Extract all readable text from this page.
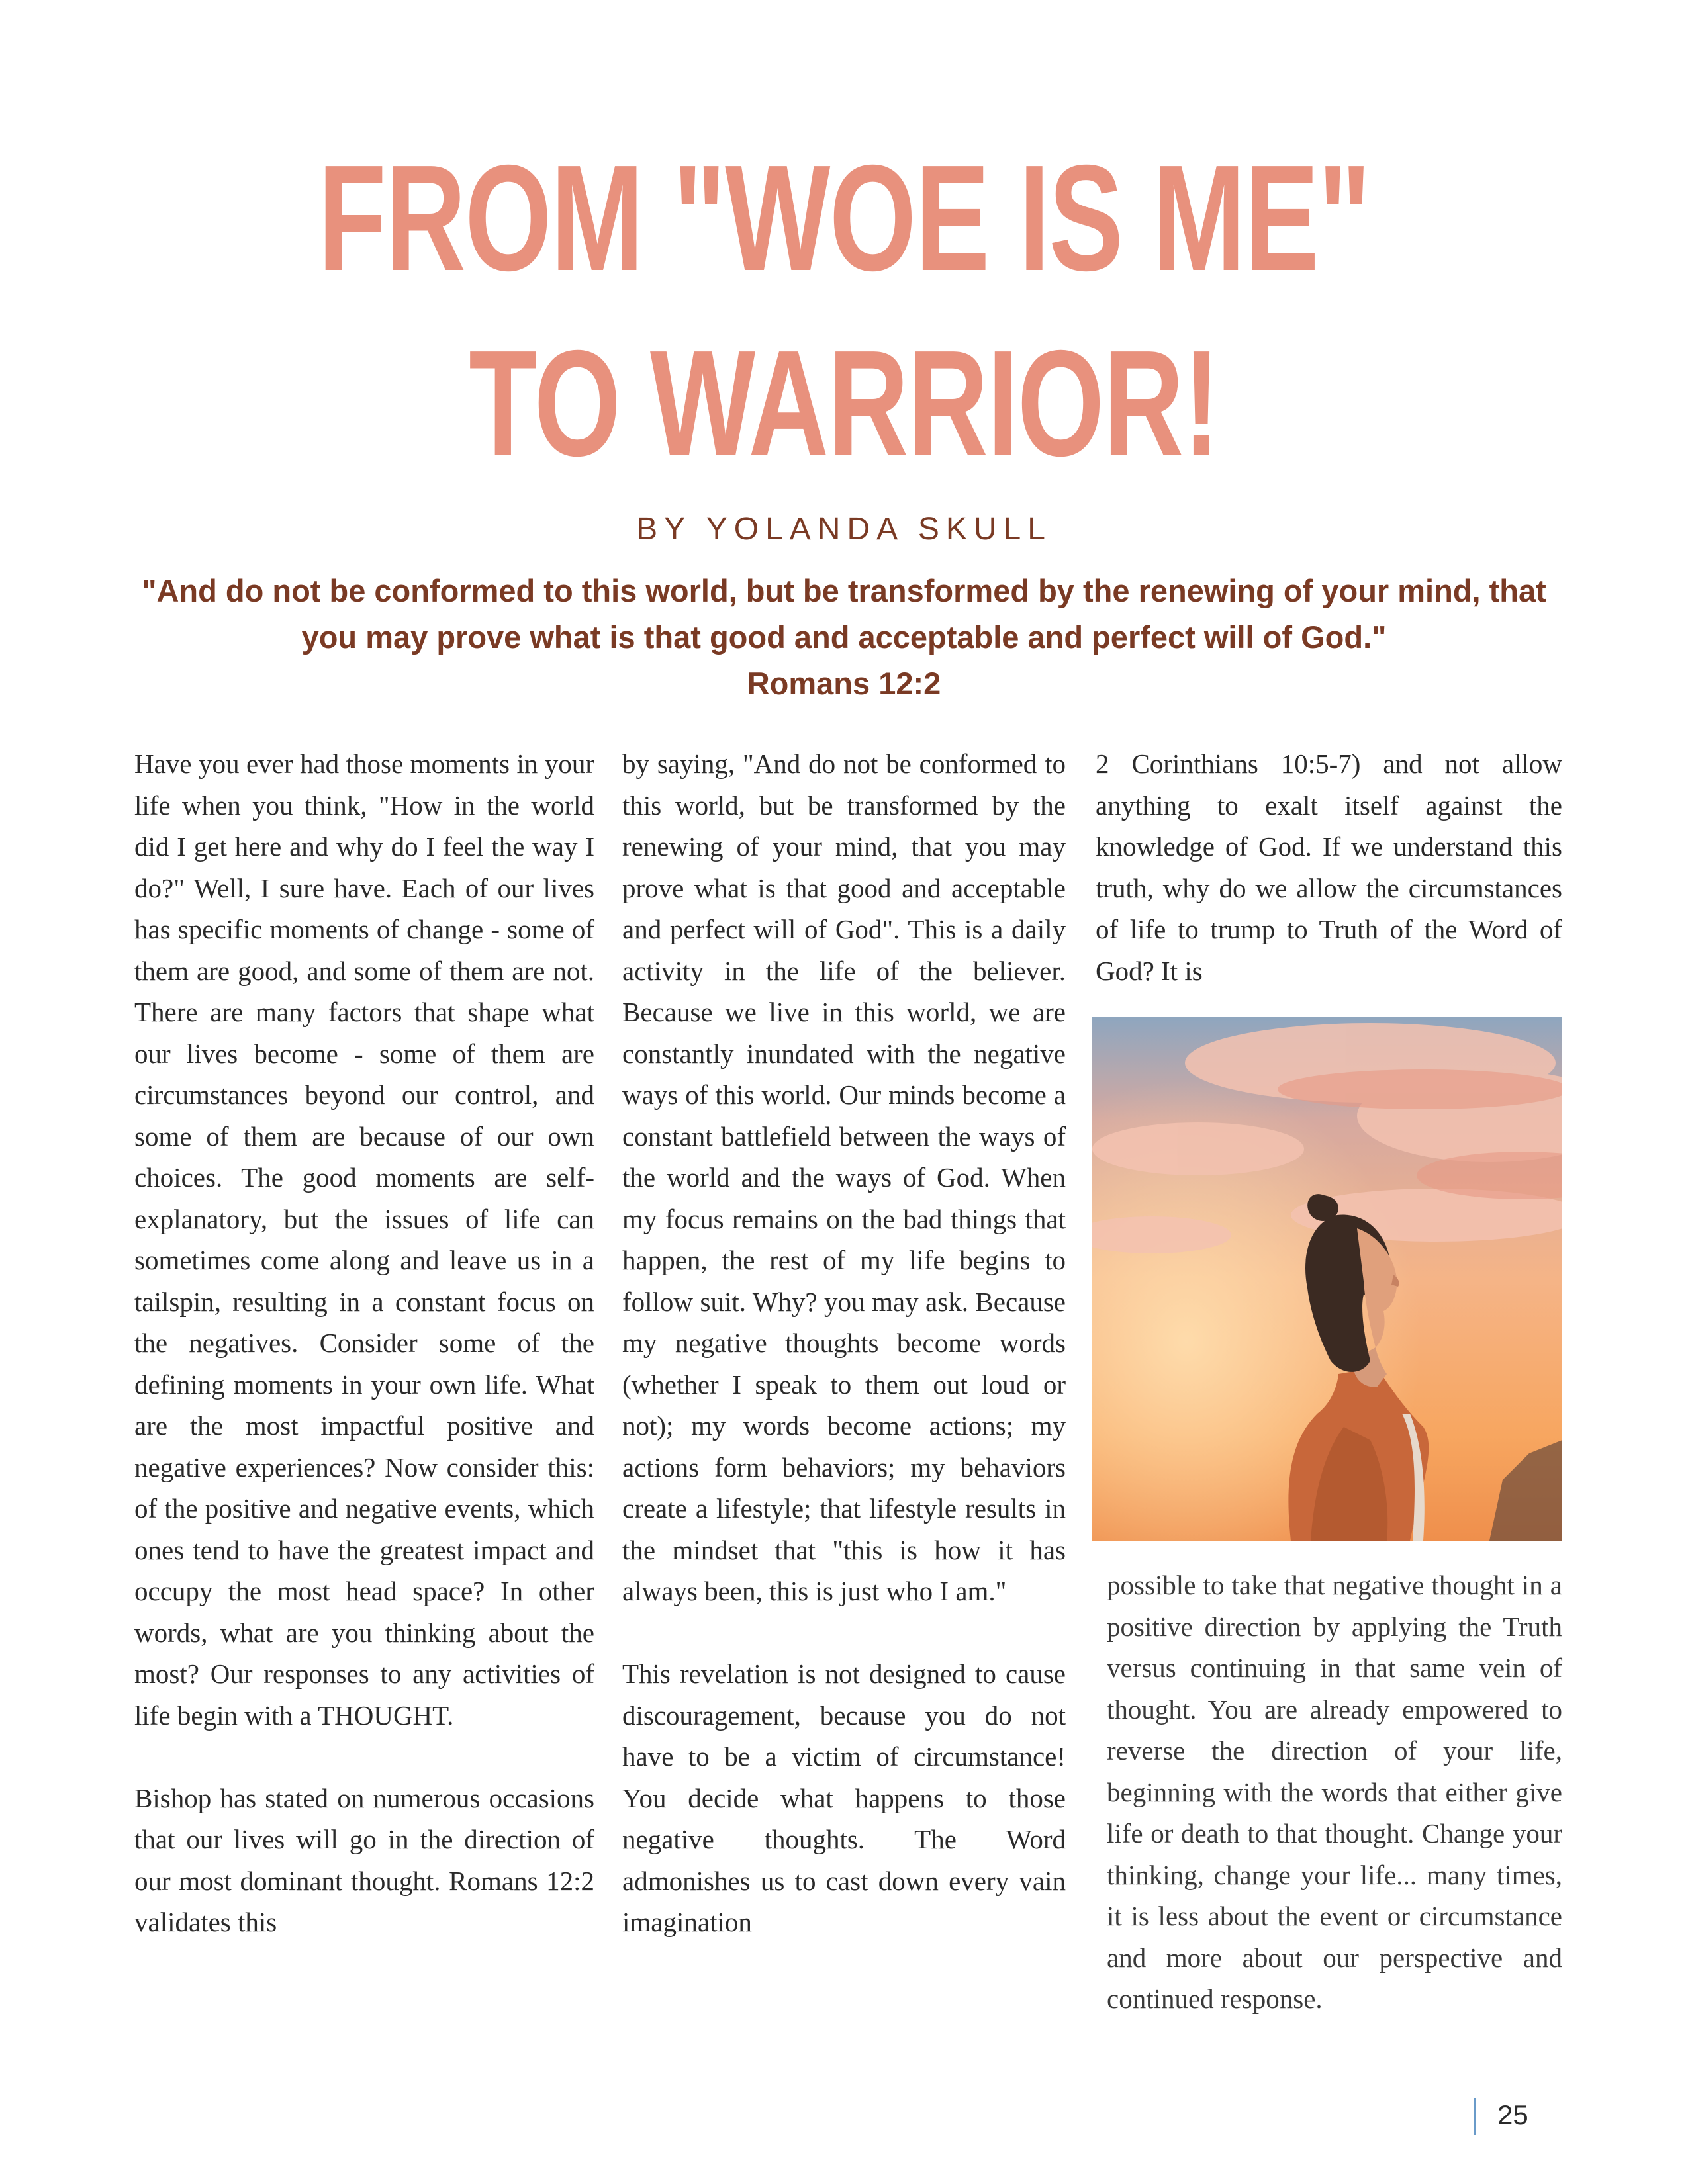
FROM "WOE IS ME"
TO WARRIOR!
BY YOLANDA SKULL
"And do not be conformed to this world, but be transformed by the renewing of your mind, that you may prove what is that good and acceptable and perfect will of God."
Romans 12:2

Have you ever had those moments in your life when you think, "How in the world did I get here and why do I feel the way I do?" Well, I sure have. Each of our lives has specific moments of change - some of them are good, and some of them are not. There are many factors that shape what our lives become - some of them are circumstances beyond our control, and some of them are because of our own choices. The good moments are self-explanatory, but the issues of life can sometimes come along and leave us in a tailspin, resulting in a constant focus on the negatives. Consider some of the defining moments in your own life. What are the most impactful positive and negative experiences? Now consider this: of the positive and negative events, which ones tend to have the greatest impact and occupy the most head space? In other words, what are you thinking about the most? Our responses to any activities of life begin with a THOUGHT.

Bishop has stated on numerous occasions that our lives will go in the direction of our most dominant thought. Romans 12:2 validates this

by saying, "And do not be conformed to this world, but be transformed by the renewing of your mind, that you may prove what is that good and acceptable and perfect will of God". This is a daily activity in the life of the believer. Because we live in this world, we are constantly inundated with the negative ways of this world. Our minds become a constant battlefield between the ways of the world and the ways of God. When my focus remains on the bad things that happen, the rest of my life begins to follow suit. Why? you may ask. Because my negative thoughts become words (whether I speak to them out loud or not); my words become actions; my actions form behaviors; my behaviors create a lifestyle; that lifestyle results in the mindset that "this is how it has always been, this is just who I am."

This revelation is not designed to cause discouragement, because you do not have to be a victim of circumstance! You decide what happens to those negative thoughts. The Word admonishes us to cast down every vain imagination

2 Corinthians 10:5-7) and not allow anything to exalt itself against the knowledge of God. If we understand this truth, why do we allow the circumstances of life to trump to Truth of the Word of God? It is

possible to take that negative thought in a positive direction by applying the Truth versus continuing in that same vein of thought. You are already empowered to reverse the direction of your life, beginning with the words that either give life or death to that thought. Change your thinking, change your life... many times, it is less about the event or circumstance and more about our perspective and continued response.

25
